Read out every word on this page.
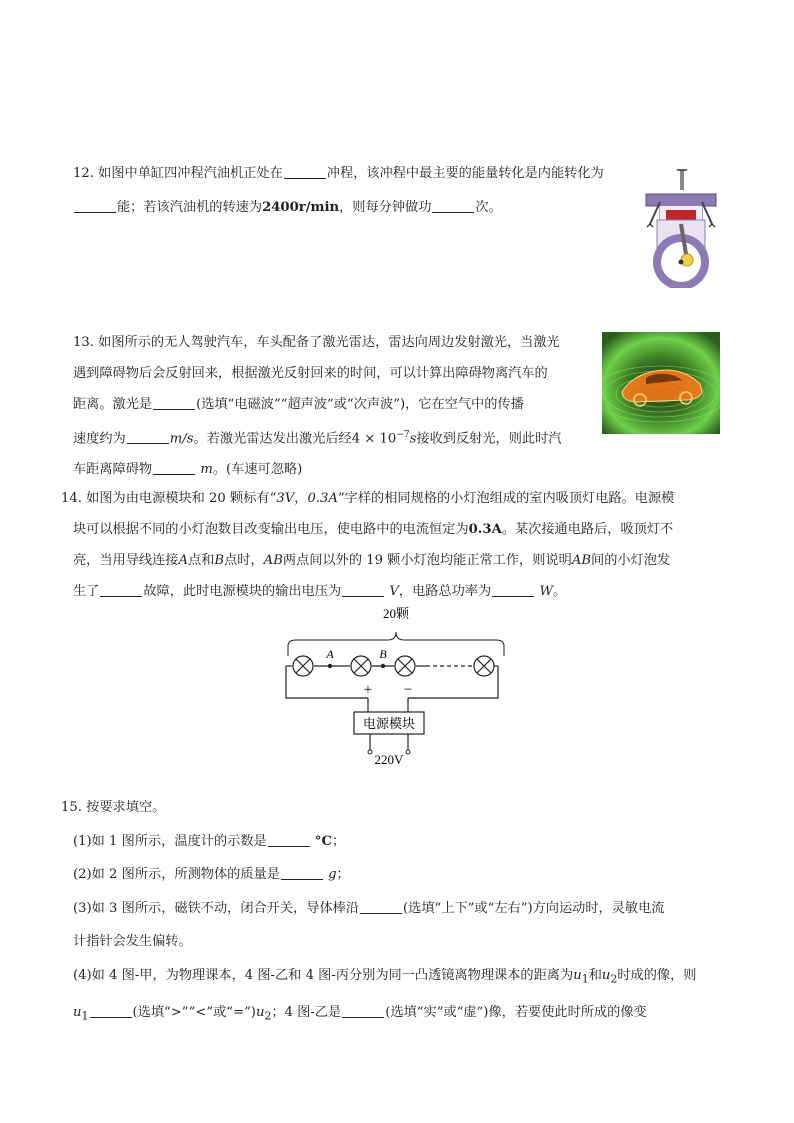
12. 如图中单缸四冲程汽油机正处在	冲程，该冲程中最主要的能量转化是内能转化为

能；若该汽油机的转速为2400r/min，则每分钟做功	次。

13. 如图所示的无人驾驶汽车，车头配备了激光雷达，雷达向周边发射激光，当激光

遇到障碍物后会反射回来，根据激光反射回来的时间，可以计算出障碍物离汽车的

距离。激光是	(选填“电磁波”“超声波”或“次声波”)，它在空气中的传播

速度约为	m/s。若激光雷达发出激光后经$4 \times 10^{-7}s$接收到反射光，则此时汽

车距离障碍物	m。(车速可忽略)

14. 如图为由电源模块和 20 颗标有“3V，0.3A”字样的相同规格的小灯泡组成的室内吸顶灯电路。电源模

块可以根据不同的小灯泡数目改变输出电压，使电路中的电流恒定为0.3A。某次接通电路后，吸顶灯不

亮，当用导线连接A点和B点时，AB两点间以外的 19 颗小灯泡均能正常工作，则说明AB间的小灯泡发

生了	故障，此时电源模块的输出电压为	V，电路总功率为	W。

20颗
A	B
+ −
电源模块
220V

15. 按要求填空。

(1)如 1 图所示，温度计的示数是	°C；

(2)如 2 图所示，所测物体的质量是	g；

(3)如 3 图所示，磁铁不动，闭合开关，导体棒沿	(选填“上下”或“左右”)方向运动时，灵敏电流

计指针会发生偏转。

(4)如 4 图-甲，为物理课本，4 图-乙和 4 图-丙分别为同一凸透镜离物理课本的距离为$u_1$和$u_2$时成的像，则

$u_1$	(选填“>”“<”或“$=”)u_2$；4 图-乙是	(选填“实”或“虚”)像，若要使此时所成的像变
